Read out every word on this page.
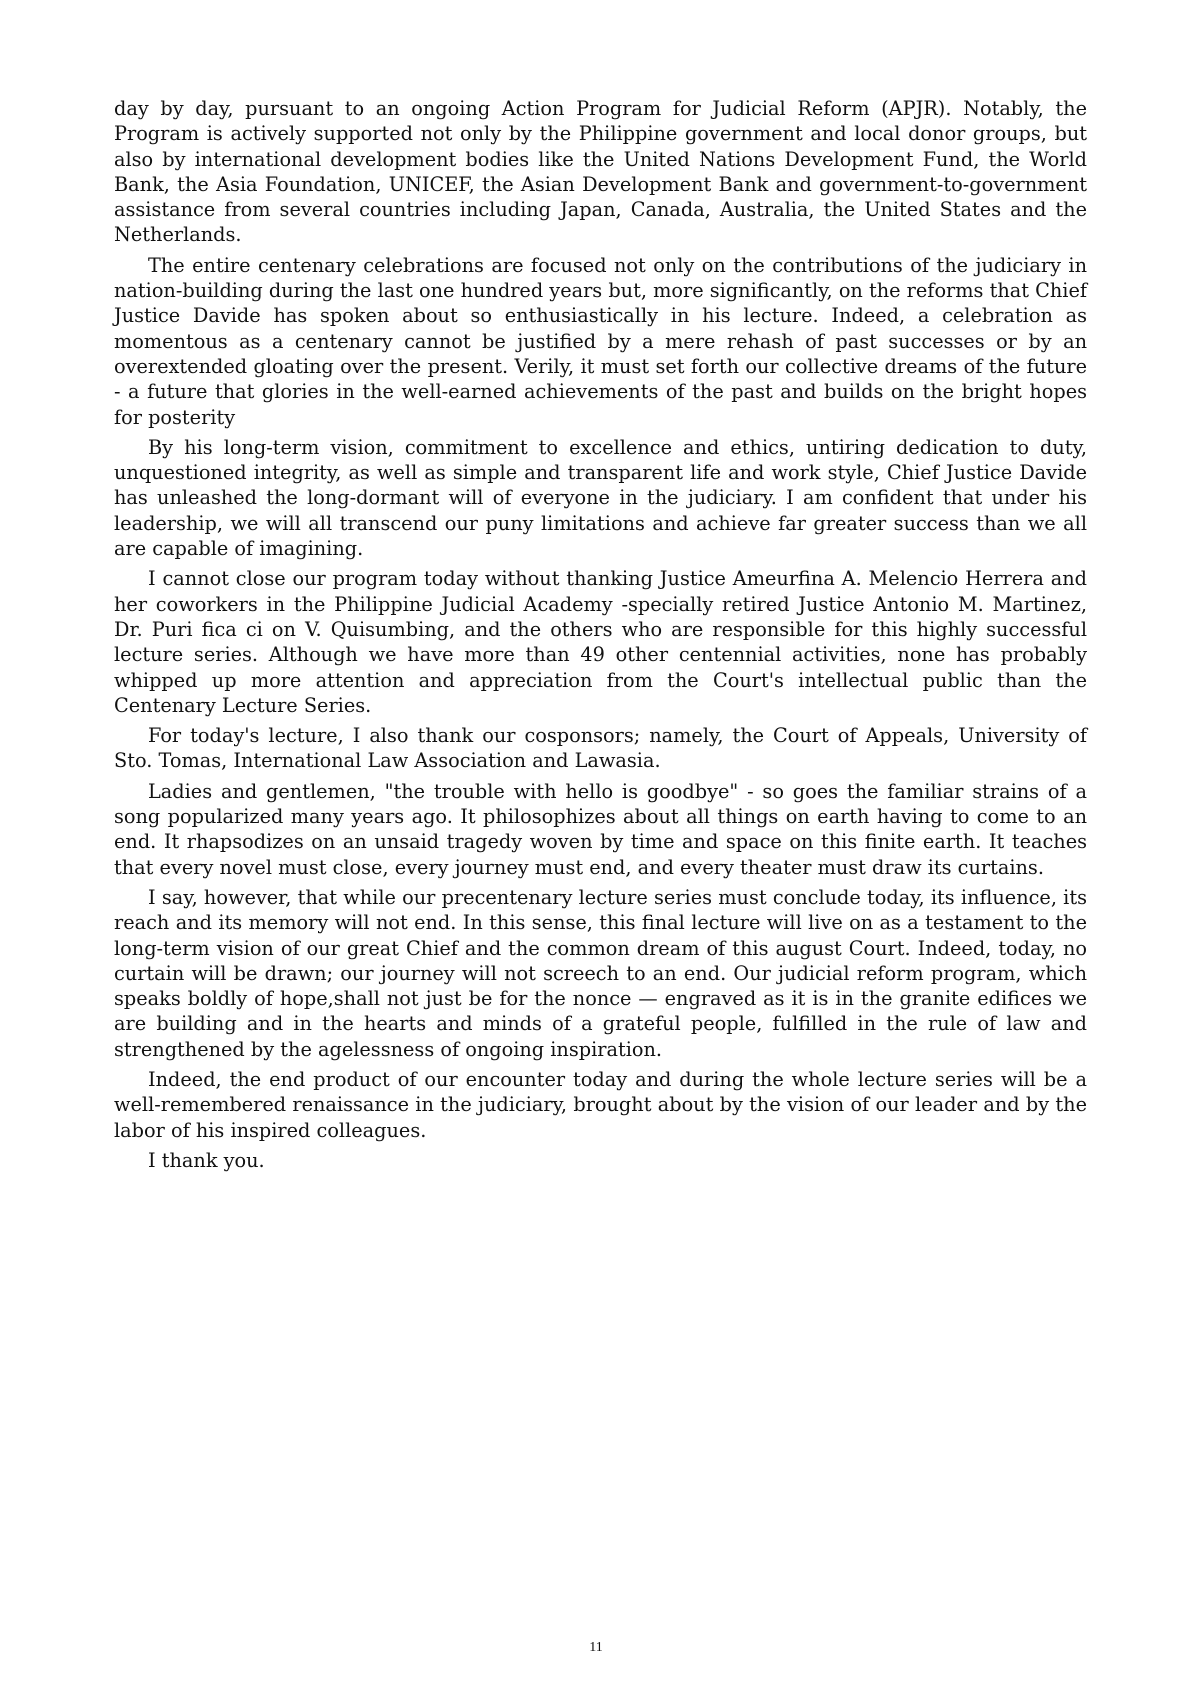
day by day, pursuant to an ongoing Action Program for Judicial Reform (APJR). Notably, the Program is actively supported not only by the Philippine government and local donor groups, but also by international development bodies like the United Nations Development Fund, the World Bank, the Asia Foundation, UNICEF, the Asian Development Bank and government-to-government assistance from several countries including Japan, Canada, Australia, the United States and the Netherlands.

The entire centenary celebrations are focused not only on the contributions of the judiciary in nation-building during the last one hundred years but, more significantly, on the reforms that Chief Justice Davide has spoken about so enthusiastically in his lecture. Indeed, a celebration as momentous as a centenary cannot be justified by a mere rehash of past successes or by an overextended gloating over the present. Verily, it must set forth our collective dreams of the future - a future that glories in the well-earned achievements of the past and builds on the bright hopes for posterity

By his long-term vision, commitment to excellence and ethics, untiring dedication to duty, unquestioned integrity, as well as simple and transparent life and work style, Chief Justice Davide has unleashed the long-dormant will of everyone in the judiciary. I am confident that under his leadership, we will all transcend our puny limitations and achieve far greater success than we all are capable of imagining.

I cannot close our program today without thanking Justice Ameurfina A. Melencio Herrera and her coworkers in the Philippine Judicial Academy -specially retired Justice Antonio M. Martinez, Dr. Puri fica ci on V. Quisumbing, and the others who are responsible for this highly successful lecture series. Although we have more than 49 other centennial activities, none has probably whipped up more attention and appreciation from the Court's intellectual public than the Centenary Lecture Series.

For today's lecture, I also thank our cosponsors; namely, the Court of Appeals, University of Sto. Tomas, International Law Association and Lawasia.

Ladies and gentlemen, "the trouble with hello is goodbye" - so goes the familiar strains of a song popularized many years ago. It philosophizes about all things on earth having to come to an end. It rhapsodizes on an unsaid tragedy woven by time and space on this finite earth. It teaches that every novel must close, every journey must end, and every theater must draw its curtains.

I say, however, that while our precentenary lecture series must conclude today, its influence, its reach and its memory will not end. In this sense, this final lecture will live on as a testament to the long-term vision of our great Chief and the common dream of this august Court. Indeed, today, no curtain will be drawn; our journey will not screech to an end. Our judicial reform program, which speaks boldly of hope,shall not just be for the nonce — engraved as it is in the granite edifices we are building and in the hearts and minds of a grateful people, fulfilled in the rule of law and strengthened by the agelessness of ongoing inspiration.

Indeed, the end product of our encounter today and during the whole lecture series will be a well-remembered renaissance in the judiciary, brought about by the vision of our leader and by the labor of his inspired colleagues.

I thank you.

11
